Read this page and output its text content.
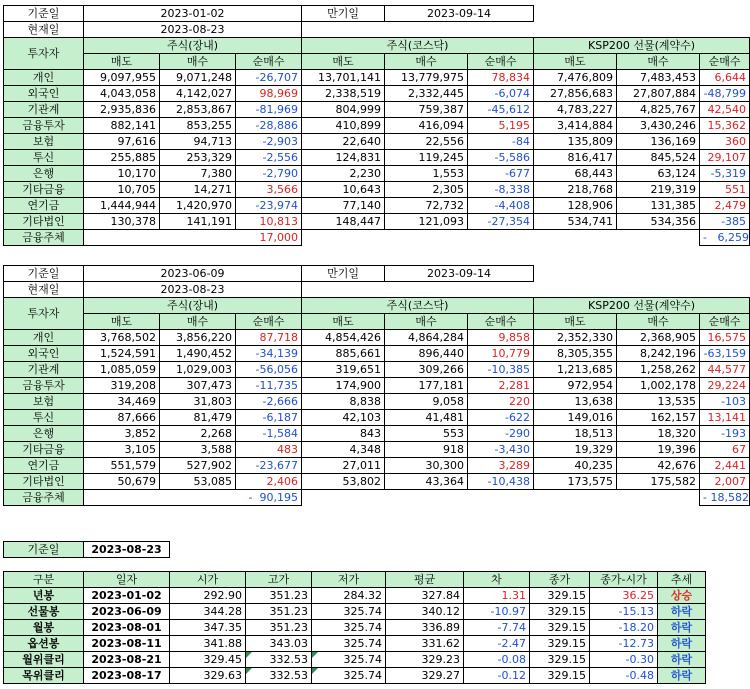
기준일	2023-01-02			만기일	2023-09-14				
현재일	2023-08-23								
투자자	주식(장내)			주식(코스닥)			KSP200 선물(계약수)		
	매도	매수	순매수	매도	매수	순매수	매도	매수	순매수
개인	9,097,955	9,071,248	-26,707	13,701,141	13,779,975	78,834	7,476,809	7,483,453	6,644
외국인	4,043,058	4,142,027	98,969	2,338,519	2,332,445	-6,074	27,856,683	27,807,884	-48,799
기관계	2,935,836	2,853,867	-81,969	804,999	759,387	-45,612	4,783,227	4,825,767	42,540
금융투자	882,141	853,255	-28,886	410,899	416,094	5,195	3,414,884	3,430,246	15,362
보험	97,616	94,713	-2,903	22,640	22,556	-84	135,809	136,169	360
투신	255,885	253,329	-2,556	124,831	119,245	-5,586	816,417	845,524	29,107
은행	10,170	7,380	-2,790	2,230	1,553	-677	68,443	63,124	-5,319
기타금융	10,705	14,271	3,566	10,643	2,305	-8,338	218,768	219,319	551
연기금	1,444,944	1,420,970	-23,974	77,140	72,732	-4,408	128,906	131,385	2,479
기타법인	130,378	141,191	10,813	148,447	121,093	-27,354	534,741	534,356	-385
금융주체			17,000						-   6,259
기준일	2023-06-09			만기일	2023-09-14				
현재일	2023-08-23								
투자자	주식(장내)			주식(코스닥)			KSP200 선물(계약수)		
	매도	매수	순매수	매도	매수	순매수	매도	매수	순매수
개인	3,768,502	3,856,220	87,718	4,854,426	4,864,284	9,858	2,352,330	2,368,905	16,575
외국인	1,524,591	1,490,452	-34,139	885,661	896,440	10,779	8,305,355	8,242,196	-63,159
기관계	1,085,059	1,029,003	-56,056	319,651	309,266	-10,385	1,213,685	1,258,262	44,577
금융투자	319,208	307,473	-11,735	174,900	177,181	2,281	972,954	1,002,178	29,224
보험	34,469	31,803	-2,666	8,838	9,058	220	13,638	13,535	-103
투신	87,666	81,479	-6,187	42,103	41,481	-622	149,016	162,157	13,141
은행	3,852	2,268	-1,584	843	553	-290	18,513	18,320	-193
기타금융	3,105	3,588	483	4,348	918	-3,430	19,329	19,396	67
연기금	551,579	527,902	-23,677	27,011	30,300	3,289	40,235	42,676	2,441
기타법인	50,679	53,085	2,406	53,802	43,364	-10,438	173,575	175,582	2,007
금융주체			-  90,195						- 18,582
기준일	2023-08-23
구분	일자	시가	고가	저가	평균	차	종가	종가-시가	추세
년봉	2023-01-02	292.90	351.23	284.32	327.84	1.31	329.15	36.25	상승
선물봉	2023-06-09	344.28	351.23	325.74	340.12	-10.97	329.15	-15.13	하락
월봉	2023-08-01	347.35	351.23	325.74	336.89	-7.74	329.15	-18.20	하락
옵션봉	2023-08-11	341.88	343.03	325.74	331.62	-2.47	329.15	-12.73	하락
월위클리	2023-08-21	329.45	332.53	325.74	329.23	-0.08	329.15	-0.30	하락
목위클리	2023-08-17	329.63	332.53	325.74	329.27	-0.12	329.15	-0.48	하락
